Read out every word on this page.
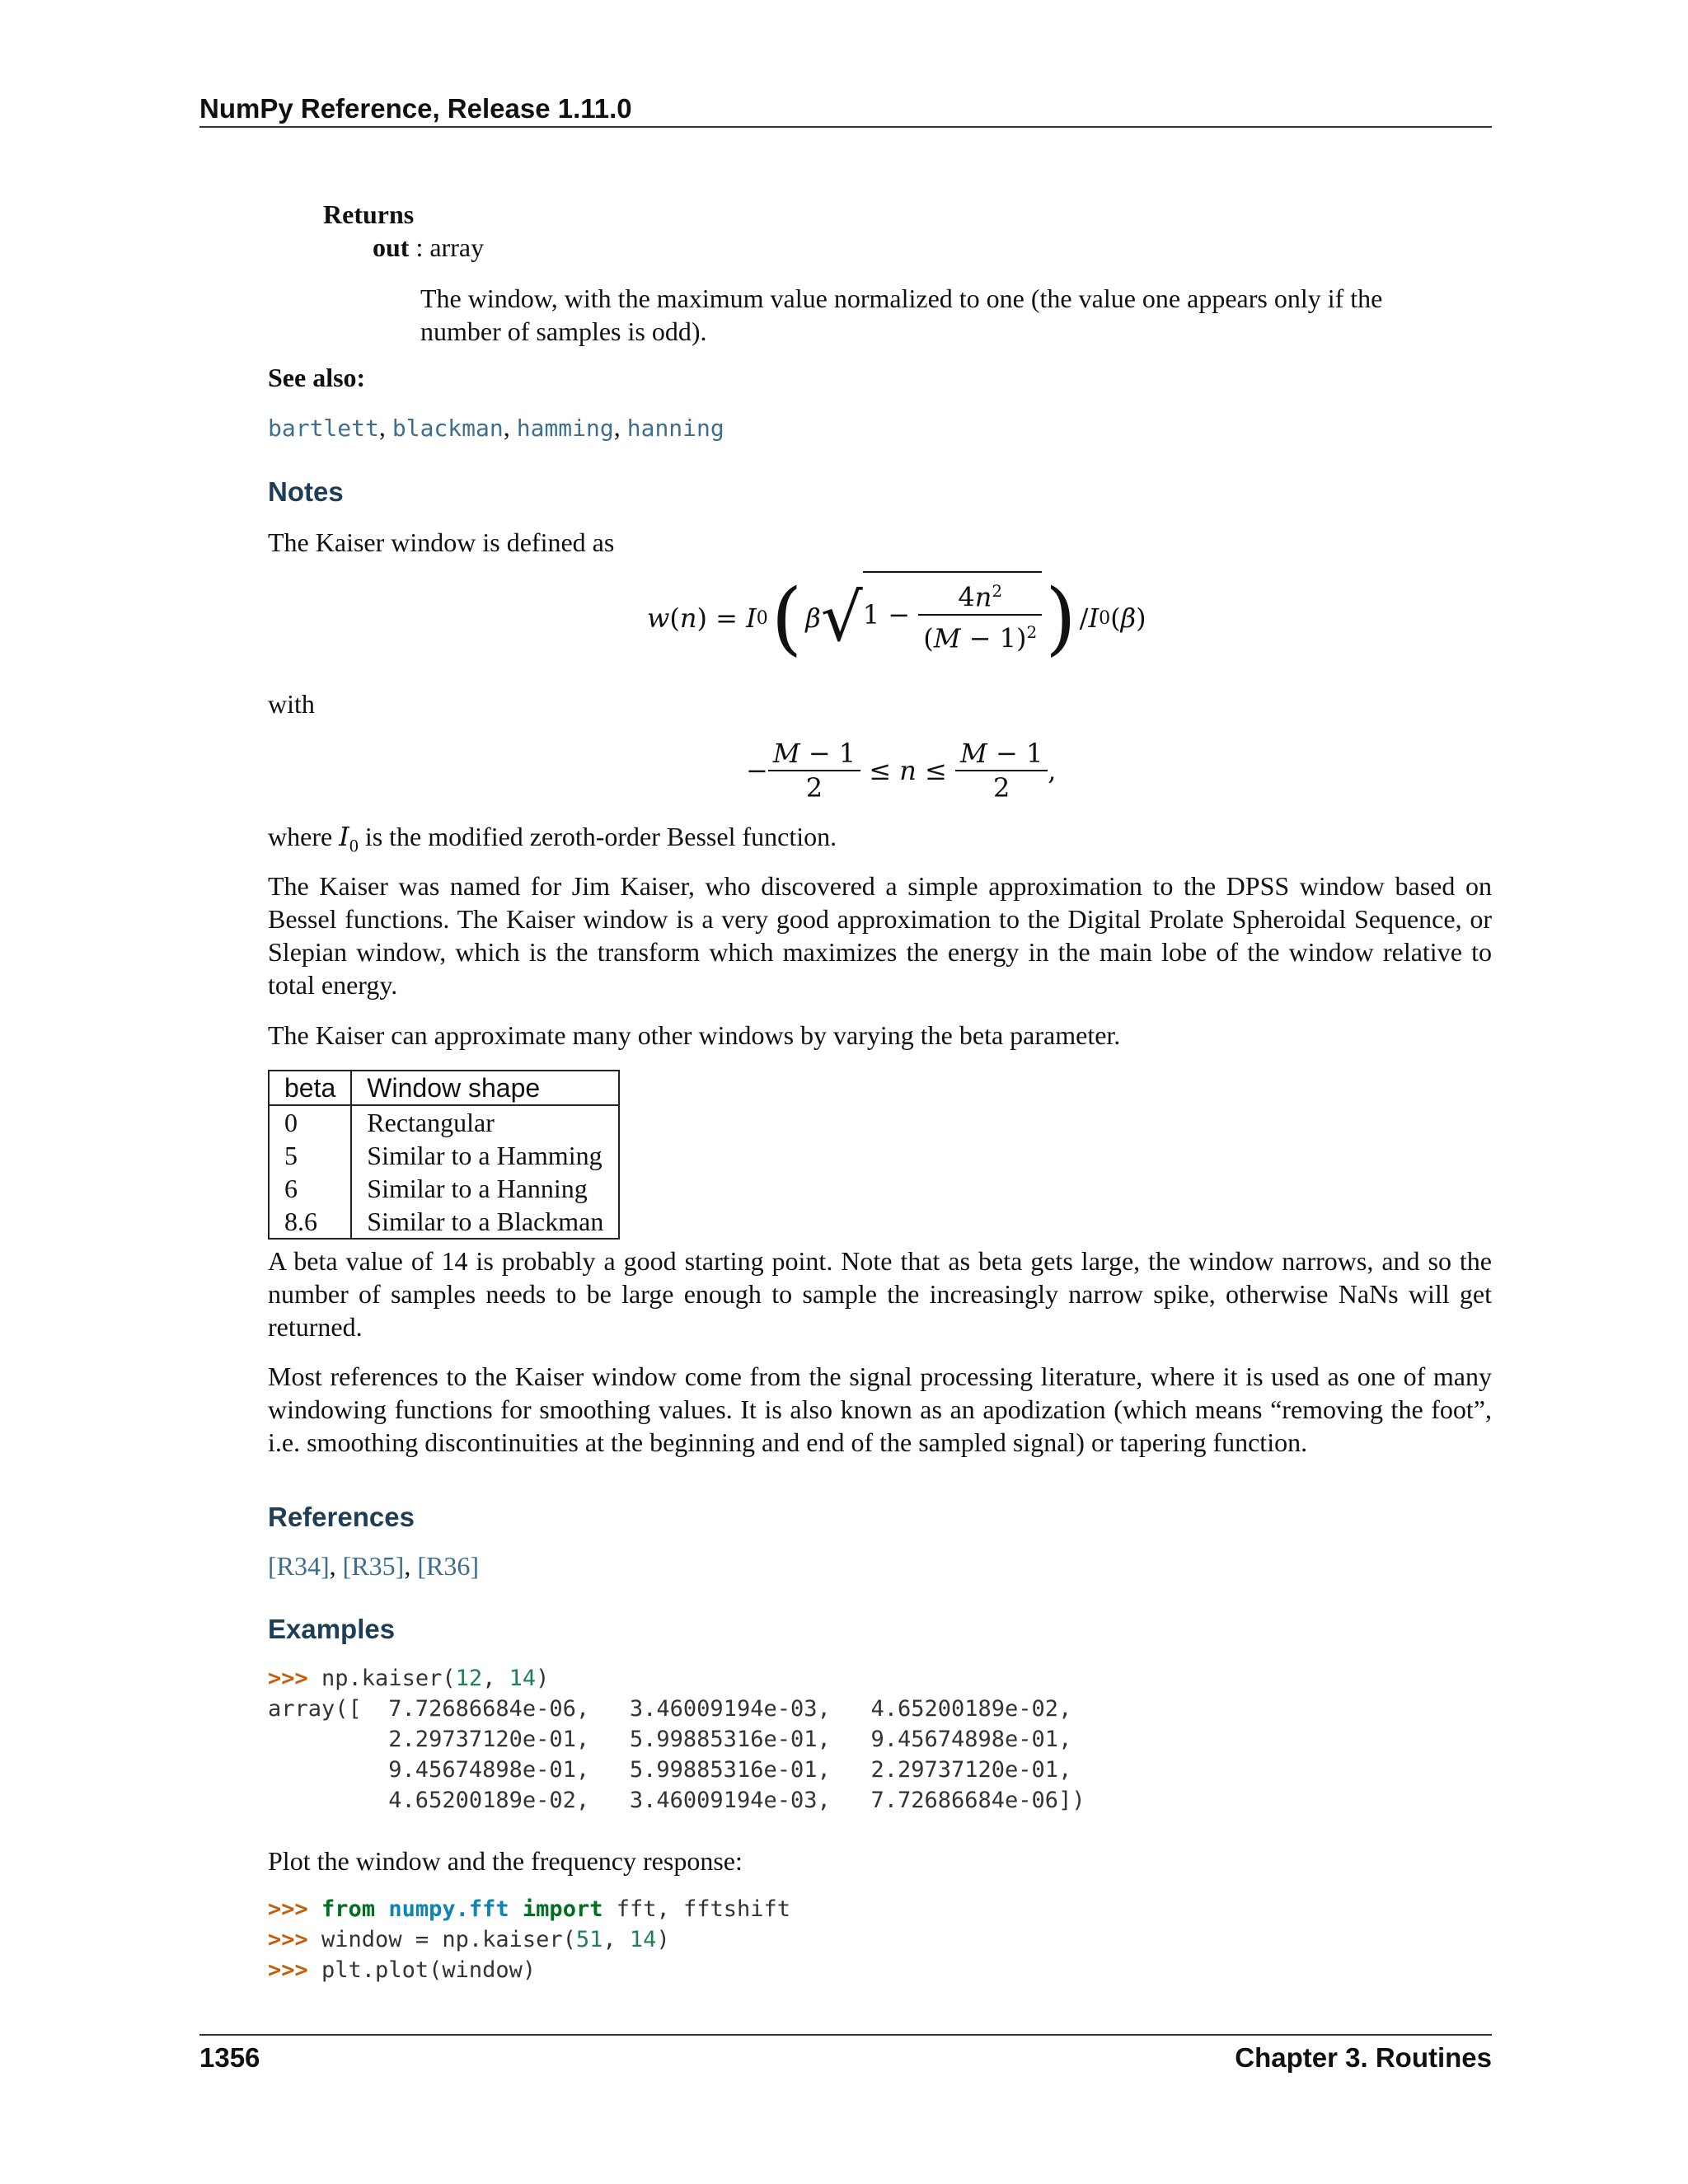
NumPy Reference, Release 1.11.0
Returns
out : array

The window, with the maximum value normalized to one (the value one appears only if the number of samples is odd).

See also:
bartlett, blackman, hamming, hanning
Notes
The Kaiser window is defined as
w ( n ) = I 0 ( β √ $1 - \frac{4n^2}{(M - 1)^2}$ ) / I 0 ( β )
with
− $\frac{M - 1}{2} \le n \le \frac{M - 1}{2}$ ,
where $I_0$ is the modified zeroth-order Bessel function.

The Kaiser was named for Jim Kaiser, who discovered a simple approximation to the DPSS window based on Bessel functions. The Kaiser window is a very good approximation to the Digital Prolate Spheroidal Sequence, or Slepian window, which is the transform which maximizes the energy in the main lobe of the window relative to total energy.

The Kaiser can approximate many other windows by varying the beta parameter.

beta	Window shape
0	Rectangular
5	Similar to a Hamming
6	Similar to a Hanning
8.6	Similar to a Blackman

A beta value of 14 is probably a good starting point. Note that as beta gets large, the window narrows, and so the number of samples needs to be large enough to sample the increasingly narrow spike, otherwise NaNs will get returned.

Most references to the Kaiser window come from the signal processing literature, where it is used as one of many windowing functions for smoothing values. It is also known as an apodization (which means “removing the foot”, i.e. smoothing discontinuities at the beginning and end of the sampled signal) or tapering function.

References
[R34], [R35], [R36]
Examples
>>> np.kaiser(12, 14)
array([  7.72686684e-06,   3.46009194e-03,   4.65200189e-02,
2.29737120e-01,   5.99885316e-01,   9.45674898e-01,
9.45674898e-01,   5.99885316e-01,   2.29737120e-01,
4.65200189e-02,   3.46009194e-03,   7.72686684e-06])
Plot the window and the frequency response:
>>> from numpy.fft import fft, fftshift
>>> window = np.kaiser(51, 14)
>>> plt.plot(window)
1356	Chapter 3. Routines
